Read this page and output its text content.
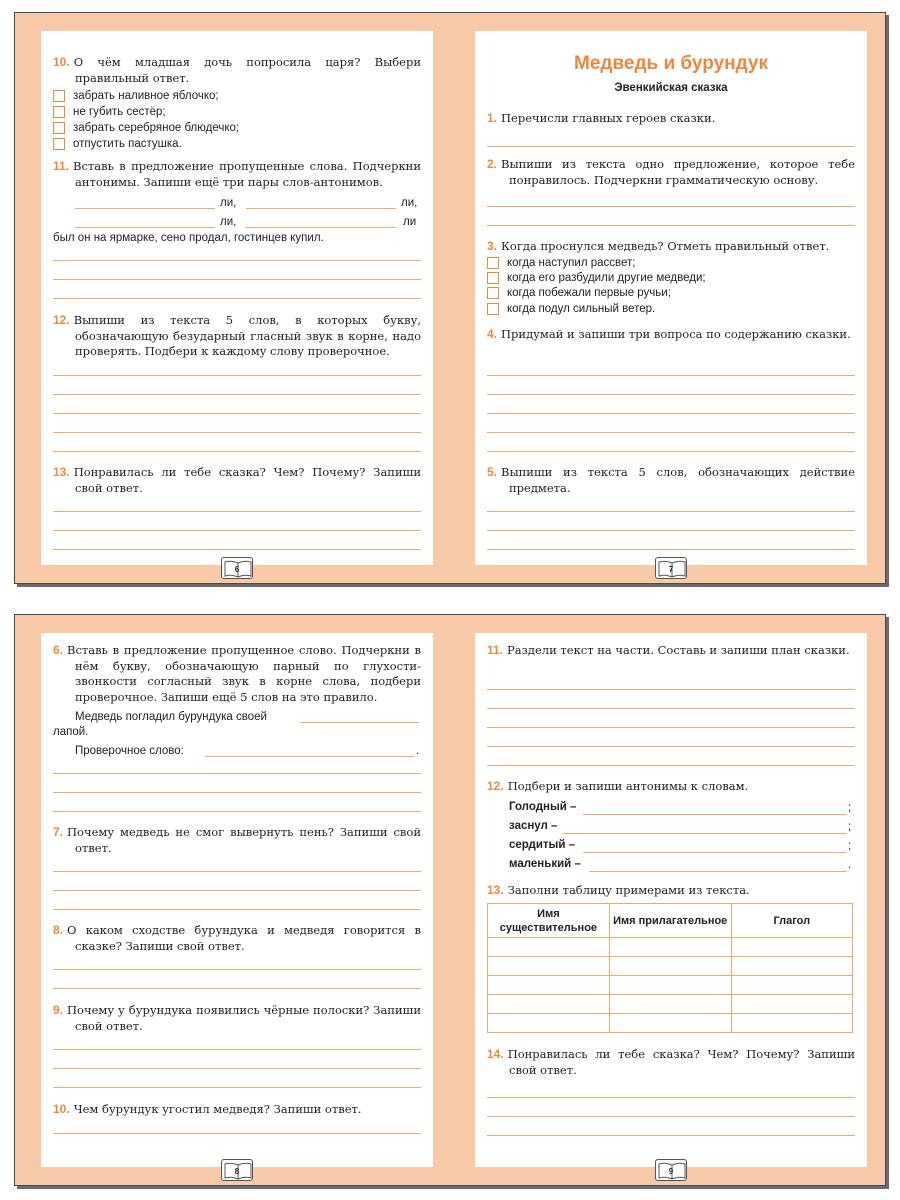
10. О чём младшая дочь попросила царя? Выбери правильный ответ.
забрать наливное яблочко;
не губить сестёр;
забрать серебряное блюдечко;
отпустить пастушка.
11. Вставь в предложение пропущенные слова. Подчеркни антонимы. Запиши ещё три пары слов-антонимов.
ли,	ли,
ли,	ли
был он на ярмарке, сено продал, гостинцев купил.
12. Выпиши из текста 5 слов, в которых букву, обозначающую безударный гласный звук в корне, надо проверять. Подбери к каждому слову проверочное.
13. Понравилась ли тебе сказка? Чем? Почему? Запиши свой ответ.
6
Медведь и бурундук
Эвенкийская сказка
1. Перечисли главных героев сказки.
2. Выпиши из текста одно предложение, которое тебе понравилось. Подчеркни грамматическую основу.
3. Когда проснулся медведь? Отметь правильный ответ.
когда наступил рассвет;
когда его разбудили другие медведи;
когда побежали первые ручьи;
когда подул сильный ветер.
4. Придумай и запиши три вопроса по содержанию сказки.
5. Выпиши из текста 5 слов, обозначающих действие предмета.
7
6. Вставь в предложение пропущенное слово. Подчеркни в нём букву, обозначающую парный по глухости-звонкости согласный звук в корне слова, подбери проверочное. Запиши ещё 5 слов на это правило.
Медведь погладил бурундука своей
лапой.
Проверочное слово:	.
7. Почему медведь не смог вывернуть пень? Запиши свой ответ.
8. О каком сходстве бурундука и медведя говорится в сказке? Запиши свой ответ.
9. Почему у бурундука появились чёрные полоски? Запиши свой ответ.
10. Чем бурундук угостил медведя? Запиши ответ.
8
11. Раздели текст на части. Составь и запиши план сказки.
12. Подбери и запиши антонимы к словам.
Голодный –	;
заснул –	;
сердитый –	;
маленький –	.
13. Заполни таблицу примерами из текста.
Имя существительное	Имя прилагательное	Глагол

14. Понравилась ли тебе сказка? Чем? Почему? Запиши свой ответ.
9
